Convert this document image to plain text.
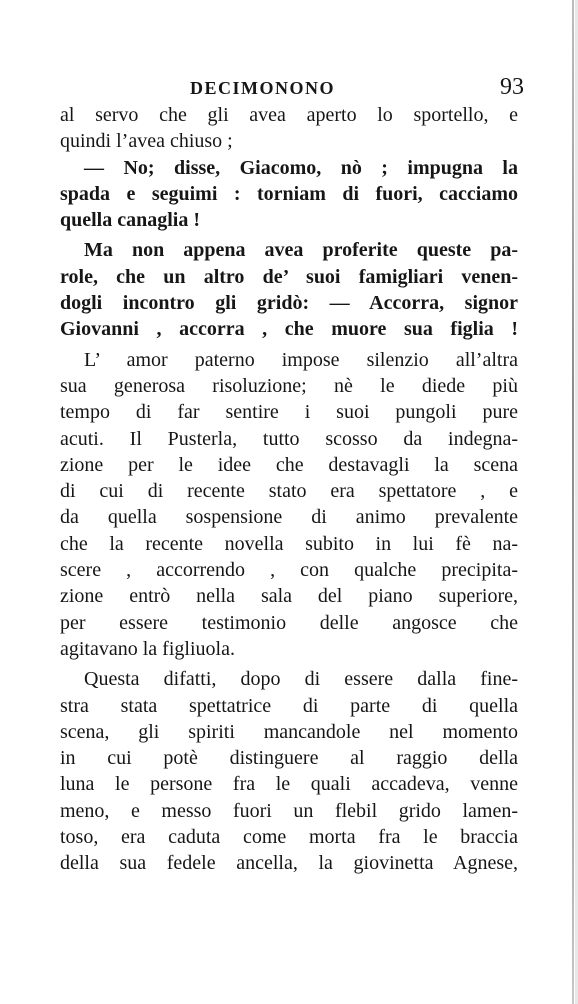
DECIMONONO	93
al servo che gli avea aperto lo sportello, e
quindi l’avea chiuso ;
— No; disse, Giacomo, nò ; impugna la
spada e seguimi : torniam di fuori, cacciamo
quella canaglia !
Ma non appena avea proferite queste pa-
role, che un altro de’ suoi famigliari venen-
dogli incontro gli gridò: — Accorra, signor
Giovanni , accorra , che muore sua figlia !
L’ amor paterno impose silenzio all’altra
sua generosa risoluzione; nè le diede più
tempo di far sentire i suoi pungoli pure
acuti. Il Pusterla, tutto scosso da indegna-
zione per le idee che destavagli la scena
di cui di recente stato era spettatore , e
da quella sospensione di animo prevalente
che la recente novella subito in lui fè na-
scere , accorrendo , con qualche precipita-
zione entrò nella sala del piano superiore,
per essere testimonio delle angosce che
agitavano la figliuola.
Questa difatti, dopo di essere dalla fine-
stra stata spettatrice di parte di quella
scena, gli spiriti mancandole nel momento
in cui potè distinguere al raggio della
luna le persone fra le quali accadeva, venne
meno, e messo fuori un flebil grido lamen-
toso, era caduta come morta fra le braccia
della sua fedele ancella, la giovinetta Agnese,
